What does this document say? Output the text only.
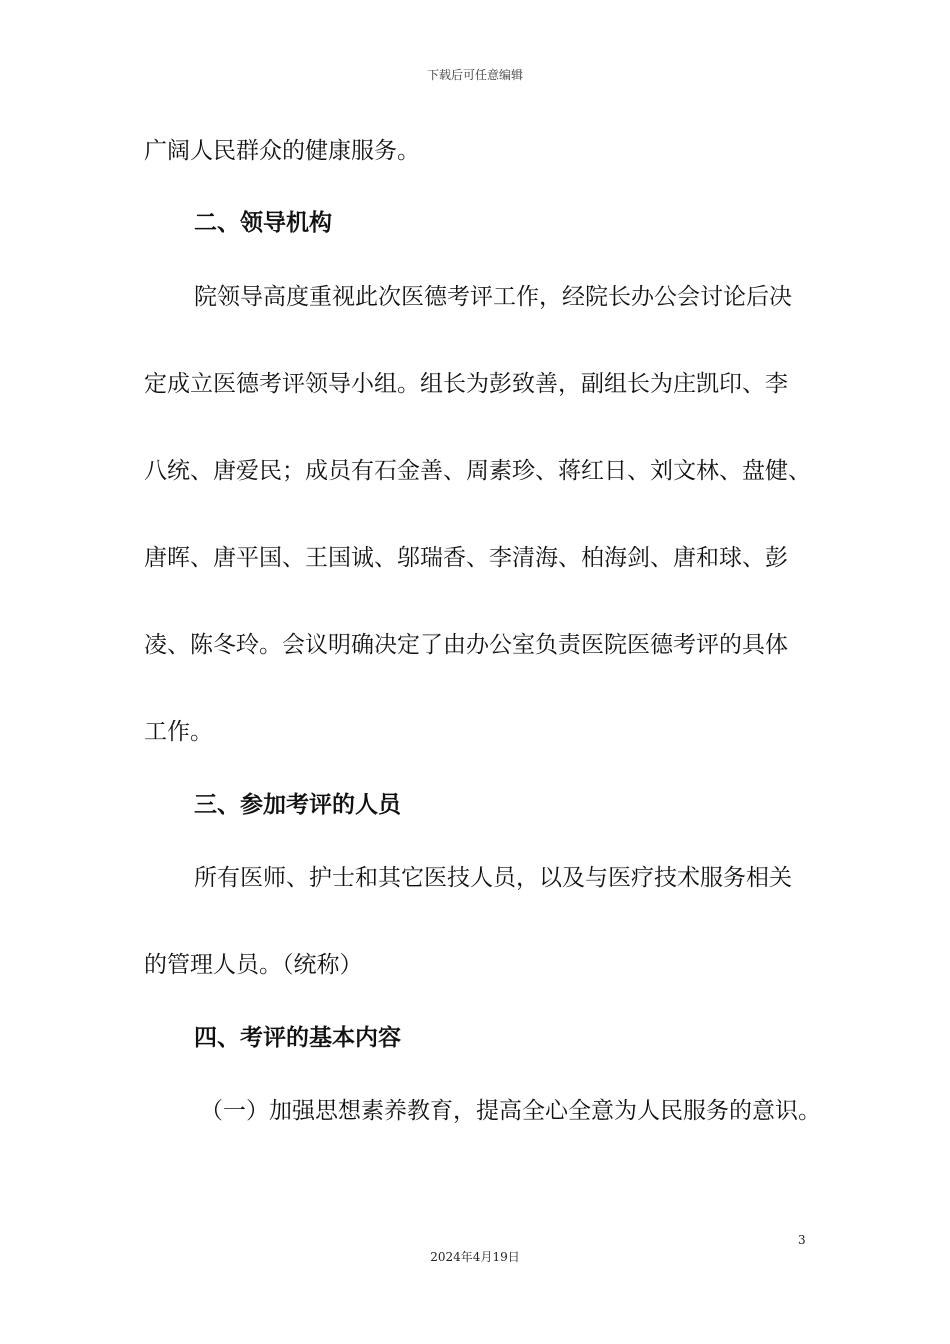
下载后可任意编辑
广阔人民群众的健康服务。
二、领导机构
院领导高度重视此次医德考评工作，经院长办公会讨论后决
定成立医德考评领导小组。组长为彭致善，副组长为庄凯印、李
八统、唐爱民；成员有石金善、周素珍、蒋红日、刘文林、盘健、
唐晖、唐平国、王国诚、邬瑞香、李清海、柏海剑、唐和球、彭
凌、陈冬玲。会议明确决定了由办公室负责医院医德考评的具体
工作。
三、参加考评的人员
所有医师、护士和其它医技人员，以及与医疗技术服务相关
的管理人员。（统称）
四、考评的基本内容
（一）加强思想素养教育，提高全心全意为人民服务的意识。
3
2024年4月19日
